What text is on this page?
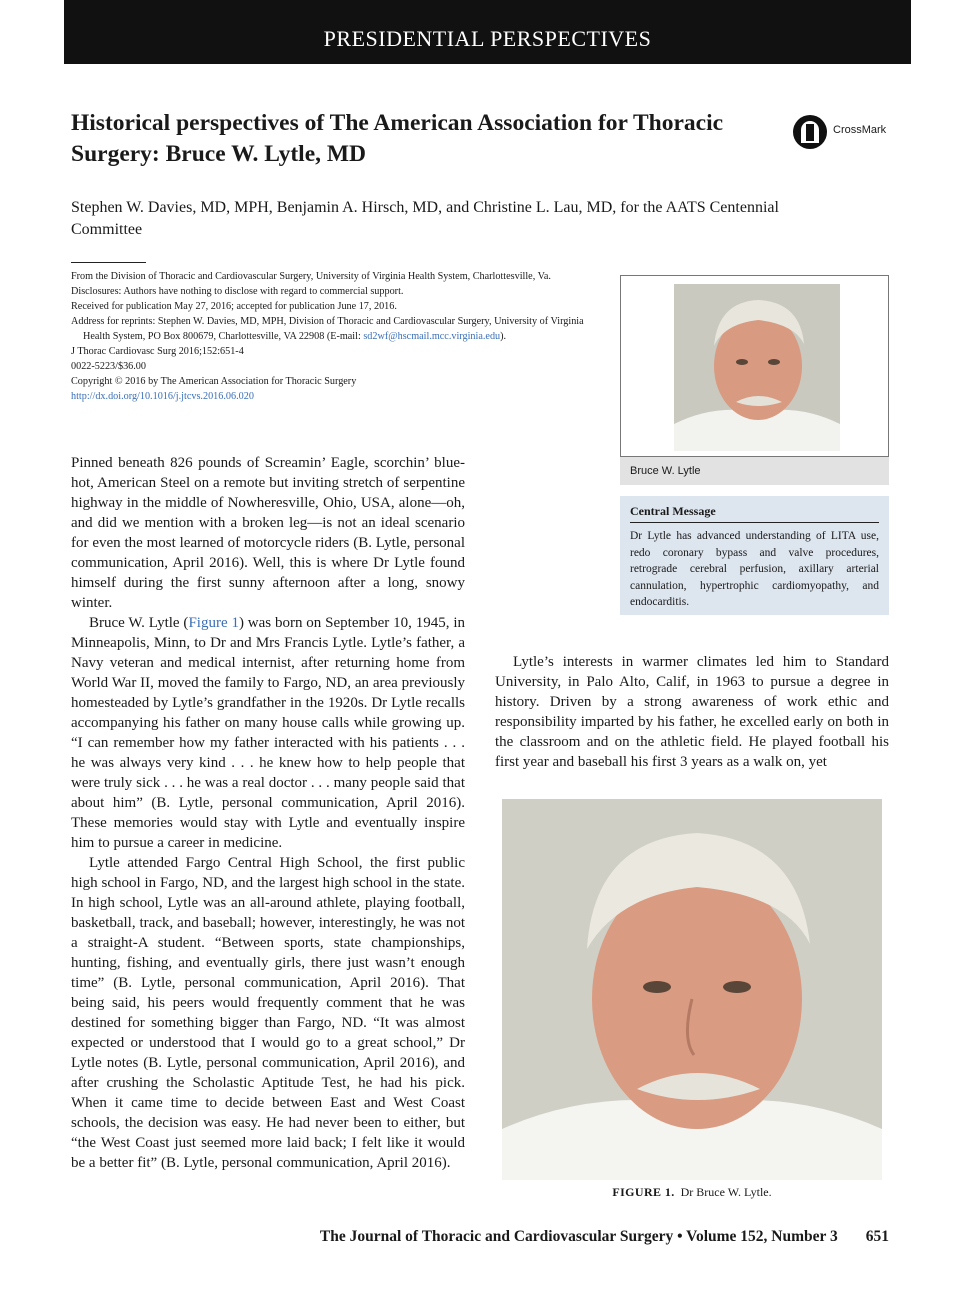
PRESIDENTIAL PERSPECTIVES
Historical perspectives of The American Association for Thoracic Surgery: Bruce W. Lytle, MD
CrossMark
Stephen W. Davies, MD, MPH, Benjamin A. Hirsch, MD, and Christine L. Lau, MD, for the AATS Centennial Committee

From the Division of Thoracic and Cardiovascular Surgery, University of Virginia Health System, Charlottesville, Va.

Disclosures: Authors have nothing to disclose with regard to commercial support.

Received for publication May 27, 2016; accepted for publication June 17, 2016.

Address for reprints: Stephen W. Davies, MD, MPH, Division of Thoracic and Cardiovascular Surgery, University of Virginia Health System, PO Box 800679, Charlottesville, VA 22908 (E-mail: sd2wf@hscmail.mcc.virginia.edu).

J Thorac Cardiovasc Surg 2016;152:651-4

0022-5223/$36.00

Copyright © 2016 by The American Association for Thoracic Surgery

http://dx.doi.org/10.1016/j.jtcvs.2016.06.020

Bruce W. Lytle
Central Message
Dr Lytle has advanced understanding of LITA use, redo coronary bypass and valve procedures, retrograde cerebral perfusion, axillary arterial cannulation, hypertrophic cardiomyopathy, and endocarditis.

Pinned beneath 826 pounds of Screamin’ Eagle, scorchin’ blue-hot, American Steel on a remote but inviting stretch of serpentine highway in the middle of Nowheresville, Ohio, USA, alone—oh, and did we mention with a broken leg—is not an ideal scenario for even the most learned of motorcycle riders (B. Lytle, personal communication, April 2016). Well, this is where Dr Lytle found himself during the first sunny afternoon after a long, snowy winter.

Bruce W. Lytle (Figure 1) was born on September 10, 1945, in Minneapolis, Minn, to Dr and Mrs Francis Lytle. Lytle’s father, a Navy veteran and medical internist, after returning home from World War II, moved the family to Fargo, ND, an area previously homesteaded by Lytle’s grandfather in the 1920s. Dr Lytle recalls accompanying his father on many house calls while growing up. “I can remember how my father interacted with his patients . . . he was always very kind . . . he knew how to help people that were truly sick . . . he was a real doctor . . . many people said that about him” (B. Lytle, personal communication, April 2016). These memories would stay with Lytle and eventually inspire him to pursue a career in medicine.

Lytle attended Fargo Central High School, the first public high school in Fargo, ND, and the largest high school in the state. In high school, Lytle was an all-around athlete, playing football, basketball, track, and baseball; however, interestingly, he was not a straight-A student. “Between sports, state championships, hunting, fishing, and eventually girls, there just wasn’t enough time” (B. Lytle, personal communication, April 2016). That being said, his peers would frequently comment that he was destined for something bigger than Fargo, ND. “It was almost expected or understood that I would go to a great school,” Dr Lytle notes (B. Lytle, personal communication, April 2016), and after crushing the Scholastic Aptitude Test, he had his pick. When it came time to decide between East and West Coast schools, the decision was easy. He had never been to either, but “the West Coast just seemed more laid back; I felt like it would be a better fit” (B. Lytle, personal communication, April 2016).

Lytle’s interests in warmer climates led him to Standard University, in Palo Alto, Calif, in 1963 to pursue a degree in history. Driven by a strong awareness of work ethic and responsibility imparted by his father, he excelled early on both in the classroom and on the athletic field. He played football his first year and baseball his first 3 years as a walk on, yet

FIGURE 1. Dr Bruce W. Lytle.
The Journal of Thoracic and Cardiovascular Surgery • Volume 152, Number 3 651
